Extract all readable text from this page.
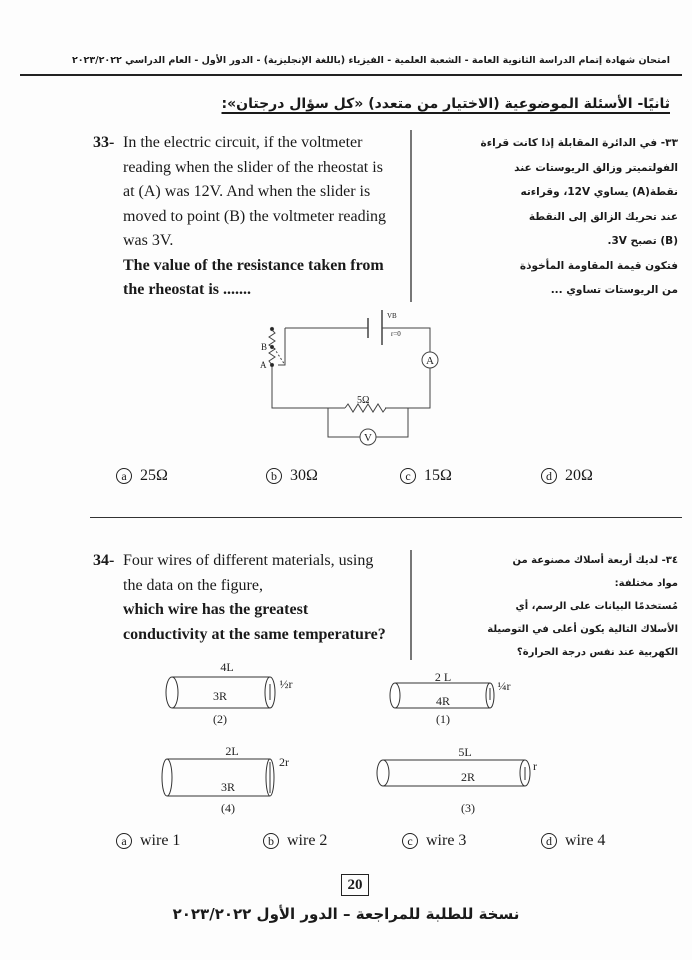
امتحان شهادة إتمام الدراسة الثانوية العامة - الشعبة العلمية - الفيزياء (باللغة الإنجليزية) - الدور الأول - العام الدراسي ٢٠٢٣/٢٠٢٢
ثانيًا- الأسئلة الموضوعية (الاختيار من متعدد) «كل سؤال درجتان»:
33- In the electric circuit, if the voltmeter
reading when the slider of the rheostat is
at (A) was 12V. And when the slider is
moved to point (B) the voltmeter reading
was 3V.
The value of the resistance taken from
the rheostat is .......
٣٣- في الدائرة المقابلة إذا كانت قراءة
الفولتميتر وزالق الريوستات عند
نقطة(A) يساوي 12V، وقراءته
عند تحريك الزالق إلى النقطة
(B) تصبح 3V.
فتكون قيمة المقاومة المأخوذة
من الريوستات تساوي ...
VB
r=0
A
V
5Ω
B
A
a 25Ω	b 30Ω	c 15Ω	d 20Ω
34- Four wires of different materials, using
the data on the figure,
which wire has the greatest
conductivity at the same temperature?
٣٤- لديك أربعة أسلاك مصنوعة من
مواد مختلفة:
مُستخدمًا البيانات على الرسم، أي
الأسلاك التالية يكون أعلى في التوصيلة
الكهربية عند نفس درجة الحرارة؟
4L
3R
½r
(2)
2 L
4R
¼r
(1)
2L
3R
2r
(4)
5L
2R
r
(3)
a wire 1	b wire 2	c wire 3	d wire 4
20
نسخة للطلبة للمراجعة – الدور الأول ٢٠٢٣/٢٠٢٢
